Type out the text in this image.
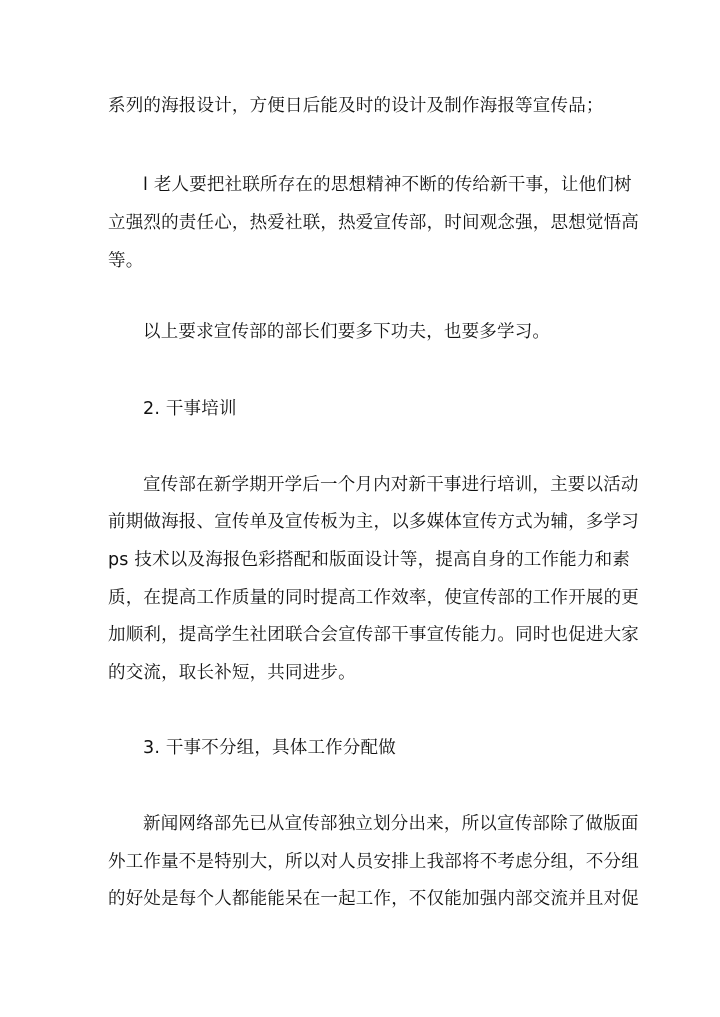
系列的海报设计，方便日后能及时的设计及制作海报等宣传品；
l 老人要把社联所存在的思想精神不断的传给新干事，让他们树
立强烈的责任心，热爱社联，热爱宣传部，时间观念强，思想觉悟高
等。
以上要求宣传部的部长们要多下功夫，也要多学习。
2. 干事培训
宣传部在新学期开学后一个月内对新干事进行培训，主要以活动
前期做海报、宣传单及宣传板为主，以多媒体宣传方式为辅，多学习
ps 技术以及海报色彩搭配和版面设计等，提高自身的工作能力和素
质，在提高工作质量的同时提高工作效率，使宣传部的工作开展的更
加顺利，提高学生社团联合会宣传部干事宣传能力。同时也促进大家
的交流，取长补短，共同进步。
3. 干事不分组，具体工作分配做
新闻网络部先已从宣传部独立划分出来，所以宣传部除了做版面
外工作量不是特别大，所以对人员安排上我部将不考虑分组，不分组
的好处是每个人都能能呆在一起工作，不仅能加强内部交流并且对促
